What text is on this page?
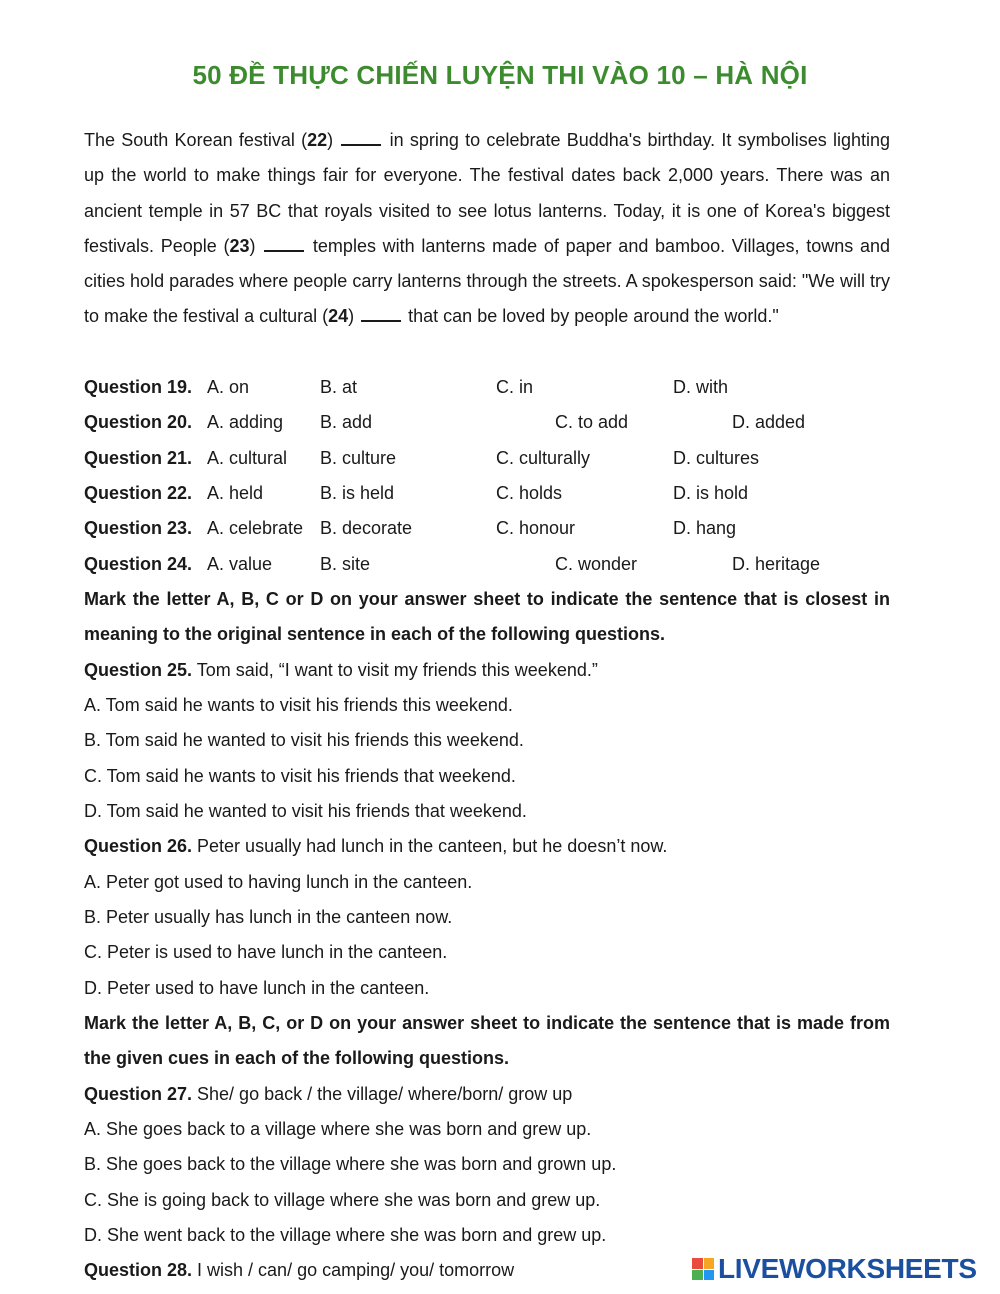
50 ĐỀ THỰC CHIẾN LUYỆN THI VÀO 10 – HÀ NỘI
The South Korean festival (22)  in spring to celebrate Buddha's birthday. It symbolises lighting up the world to make things fair for everyone. The festival dates back 2,000 years. There was an ancient temple in 57 BC that royals visited to see lotus lanterns. Today, it is one of Korea's biggest festivals. People (23)  temples with lanterns made of paper and bamboo. Villages, towns and cities hold parades where people carry lanterns through the streets. A spokesperson said: "We will try to make the festival a cultural (24)  that can be loved by people around the world."
Question 19. A. on	B. at	C. in	D. with
Question 20. A. adding B. add	C. to add	D. added
Question 21. A. cultural B. culture	C. culturally	D. cultures
Question 22. A. held	B. is held	C. holds	D. is hold
Question 23. A. celebrate B. decorate	C. honour	D. hang
Question 24. A. value	B. site	C. wonder	D. heritage
Mark the letter A, B, C or D on your answer sheet to indicate the sentence that is closest in meaning to the original sentence in each of the following questions.
Question 25. Tom said, “I want to visit my friends this weekend.”
A. Tom said he wants to visit his friends this weekend.
B. Tom said he wanted to visit his friends this weekend.
C. Tom said he wants to visit his friends that weekend.
D. Tom said he wanted to visit his friends that weekend.
Question 26. Peter usually had lunch in the canteen, but he doesn’t now.
A. Peter got used to having lunch in the canteen.
B. Peter usually has lunch in the canteen now.
C. Peter is used to have lunch in the canteen.
D. Peter used to have lunch in the canteen.
Mark the letter A, B, C, or D on your answer sheet to indicate the sentence that is made from the given cues in each of the following questions.
Question 27. She/ go back / the village/ where/born/ grow up
A. She goes back to a village where she was born and grew up.
B. She goes back to the village where she was born and grown up.
C. She is going back to village where she was born and grew up.
D. She went back to the village where she was born and grew up.
Question 28. I wish / can/ go camping/ you/ tomorrow	LIVEWORKSHEETS
